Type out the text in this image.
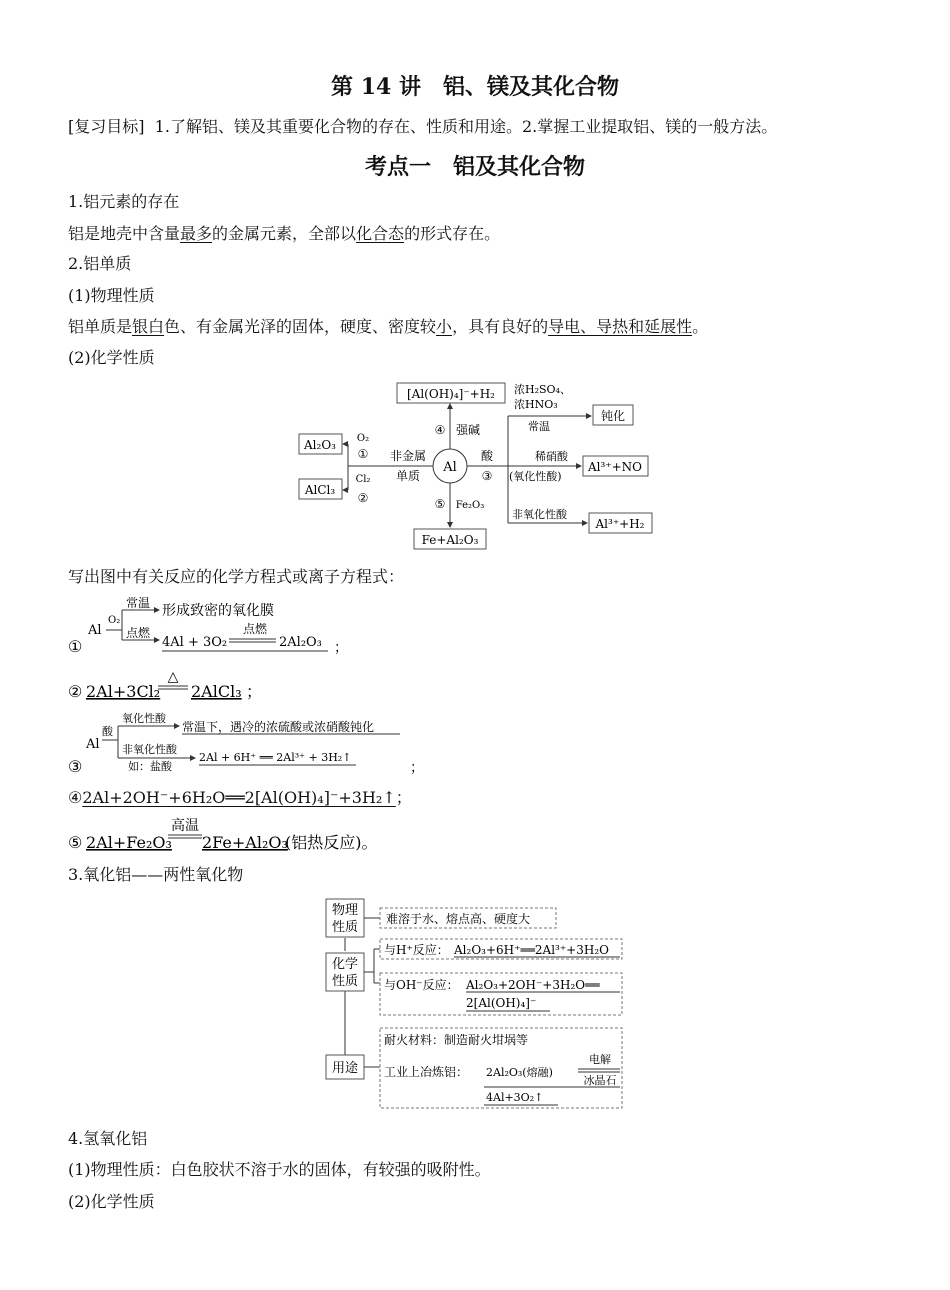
第 14 讲　铝、镁及其化合物
[复习目标] 1.了解铝、镁及其重要化合物的存在、性质和用途。2.掌握工业提取铝、镁的一般方法。
考点一　铝及其化合物
1.铝元素的存在
铝是地壳中含量最多的金属元素，全部以化合态的形式存在。
2.铝单质
(1)物理性质
铝单质是银白色、有金属光泽的固体，硬度、密度较小，具有良好的导电、导热和延展性。
(2)化学性质
[Al(OH)₄]⁻+H₂
④ 强碱
Al
非金属
单质
Al₂O₃ O₂
①
AlCl₃
Cl₂
②	⑤ Fe₂O₃
Fe+Al₂O₃
酸
③
浓H₂SO₄、
浓HNO₃
常温
钝化
稀硝酸
(氧化性酸)
Al³⁺+NO
非氧化性酸
Al³⁺+H₂
写出图中有关反应的化学方程式或离子方程式：
①
Al
O₂
常温 形成致密的氧化膜
点燃
4Al + 3O₂
点燃
2Al₂O₃ ；
② 2Al+3Cl₂
△
2AlCl₃ ；
③
Al
酸
氧化性酸
常温下，遇冷的浓硫酸或浓硝酸钝化
非氧化性酸
如：盐酸
2Al + 6H⁺ ══ 2Al³⁺ + 3H₂↑
；
④2Al+2OH⁻+6H₂O══2[Al(OH)₄]⁻+3H₂↑；
⑤ 2Al+Fe₂O₃
高温
2Fe+Al₂O₃
(铝热反应)。
3.氧化铝——两性氧化物
物理
性质
难溶于水、熔点高、硬度大
化学
性质
与H⁺反应： Al₂O₃+6H⁺══2Al³⁺+3H₂O
与OH⁻反应： Al₂O₃+2OH⁻+3H₂O══
2[Al(OH)₄]⁻
用途
耐火材料：制造耐火坩埚等
工业上冶炼铝： 2Al₂O₃(熔融)
电解
冰晶石
4Al+3O₂↑
4.氢氧化铝
(1)物理性质：白色胶状不溶于水的固体，有较强的吸附性。
(2)化学性质
